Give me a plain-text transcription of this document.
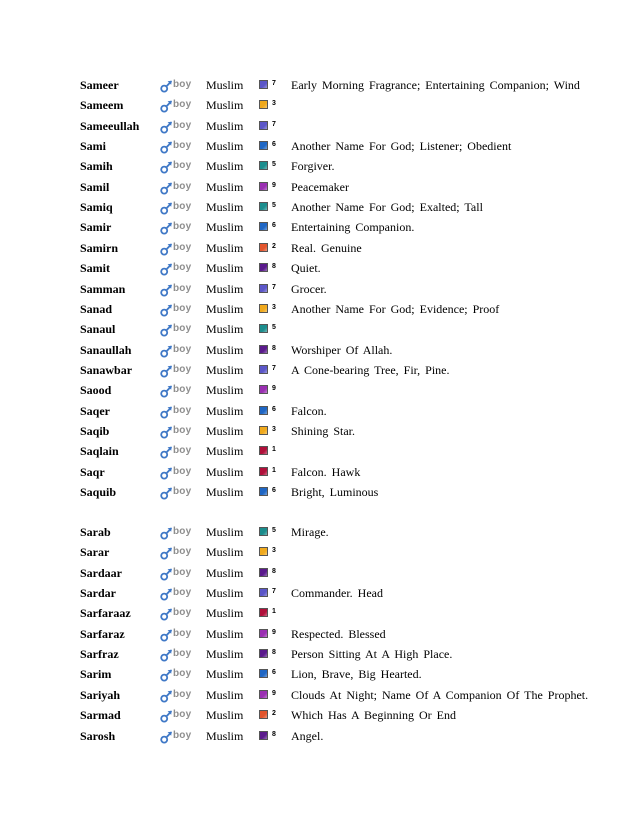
Sameer	boy Muslim	7 Early Morning Fragrance; Entertaining Companion; Wind
Sameem	boy Muslim	3
Sameeullah	boy Muslim	7
Sami	boy Muslim	6 Another Name For God; Listener; Obedient
Samih	boy Muslim	5 Forgiver.
Samil	boy Muslim	9 Peacemaker
Samiq	boy Muslim	5 Another Name For God; Exalted; Tall
Samir	boy Muslim	6 Entertaining Companion.
Samirn	boy Muslim	2 Real. Genuine
Samit	boy Muslim	8 Quiet.
Samman	boy Muslim	7 Grocer.
Sanad	boy Muslim	3 Another Name For God; Evidence; Proof
Sanaul	boy Muslim	5
Sanaullah	boy Muslim	8 Worshiper Of Allah.
Sanawbar	boy Muslim	7 A Cone-bearing Tree, Fir, Pine.
Saood	boy Muslim	9
Saqer	boy Muslim	6 Falcon.
Saqib	boy Muslim	3 Shining Star.
Saqlain	boy Muslim	1
Saqr	boy Muslim	1 Falcon. Hawk
Saquib	boy Muslim	6 Bright, Luminous
Sarab	boy Muslim	5 Mirage.
Sarar	boy Muslim	3
Sardaar	boy Muslim	8
Sardar	boy Muslim	7 Commander. Head
Sarfaraaz	boy Muslim	1
Sarfaraz	boy Muslim	9 Respected. Blessed
Sarfraz	boy Muslim	8 Person Sitting At A High Place.
Sarim	boy Muslim	6 Lion, Brave, Big Hearted.
Sariyah	boy Muslim	9 Clouds At Night; Name Of A Companion Of The Prophet.
Sarmad	boy Muslim	2 Which Has A Beginning Or End
Sarosh	boy Muslim	8 Angel.
